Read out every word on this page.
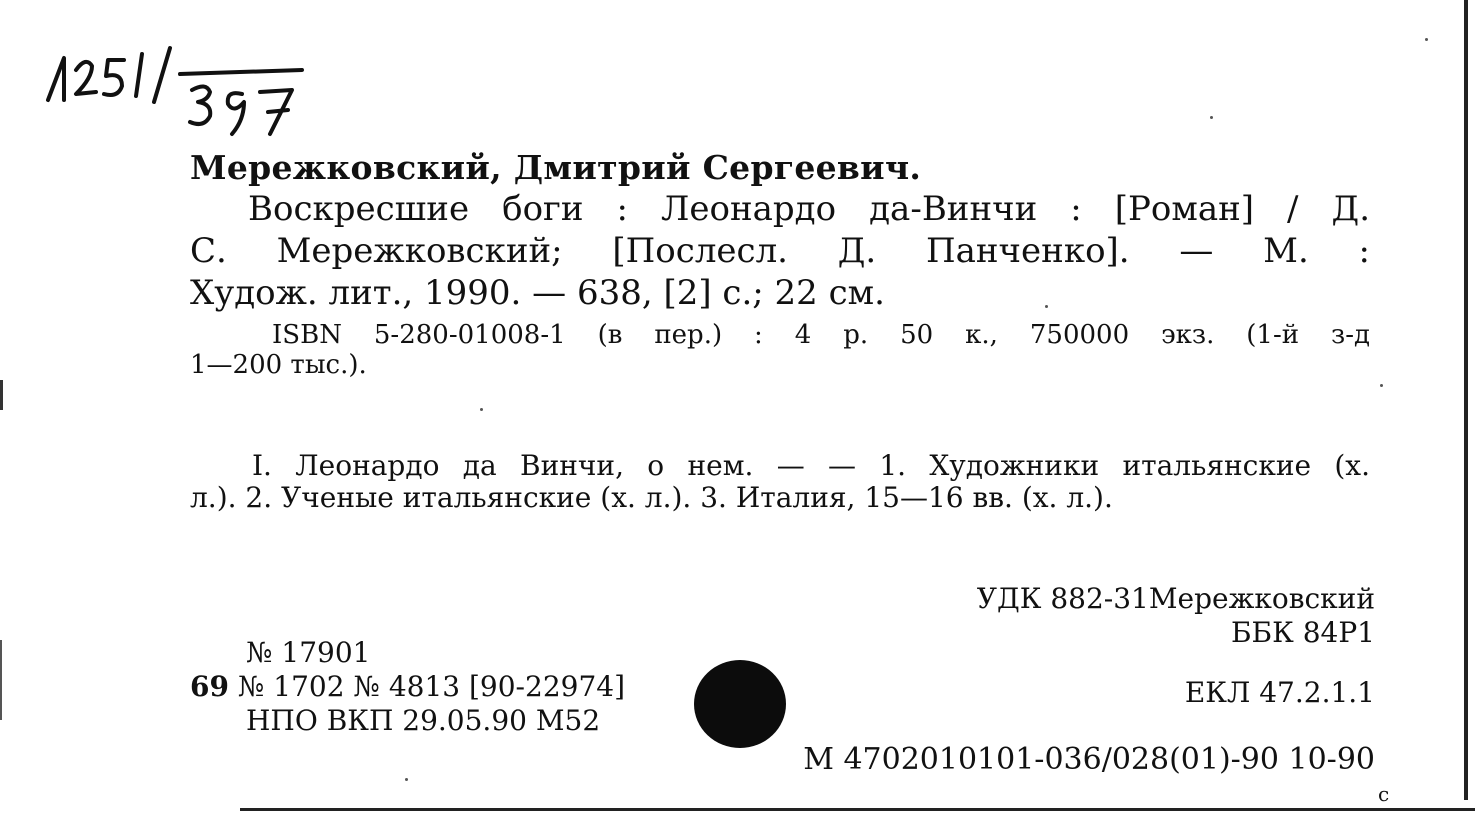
Мережковский, Дмитрий Сергеевич.
Воскресшие боги : Леонардо да-Винчи : [Роман] / Д.
С. Мережковский; [Послесл. Д. Панченко]. — М. :
Худож. лит., 1990. — 638, [2] с.; 22 см.
ISBN 5-280-01008-1 (в пер.) : 4 р. 50 к., 750000 экз. (1-й з-д
1—200 тыс.).
I. Леонардо да Винчи, о нем. — — 1. Художники итальянские (х.
л.). 2. Ученые итальянские (х. л.). 3. Италия, 15—16 вв. (х. л.).
УДК 882-31Мережковский
ББК 84Р1
ЕКЛ 47.2.1.1
М 4702010101-036/028(01)-90 10-90
№ 17901
69 № 1702 № 4813 [90-22974]
НПО ВКП 29.05.90 М52
c
